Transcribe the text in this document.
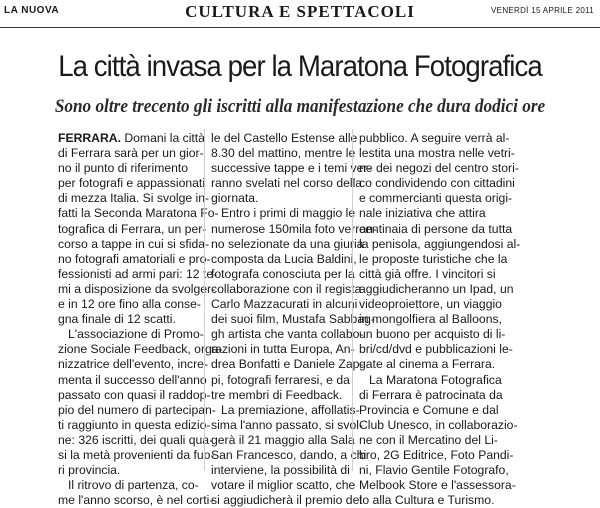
LA NUOVA	CULTURA E SPETTACOLI	VENERDÌ 15 APRILE 2011
La città invasa per la Maratona Fotografica
Sono oltre trecento gli iscritti alla manifestazione che dura dodici ore
FERRARA. Domani la città
di Ferrara sarà per un gior-
no il punto di riferimento
per fotografi e appassionati
di mezza Italia. Si svolge in-
fatti la Seconda Maratona Fo-
tografica di Ferrara, un per-
corso a tappe in cui si sfida-
no fotografi amatoriali e pro-
fessionisti ad armi pari: 12 te-
mi a disposizione da svolger-
e in 12 ore fino alla conse-
gna finale di 12 scatti.
L'associazione di Promo-
zione Sociale Feedback, orga-
nizzatrice dell'evento, incre-
menta il successo dell'anno
passato con quasi il raddop-
pio del numero di partecipan-
ti raggiunto in questa edizio-
ne: 326 iscritti, dei quali qua-
si la metà provenienti da fuo-
ri provincia.
Il ritrovo di partenza, co-
me l'anno scorso, è nel corti-
le del Castello Estense alle
8.30 del mattino, mentre le
successive tappe e i temi ver-
ranno svelati nel corso della
giornata.
Entro i primi di maggio le
numerose 150mila foto verran-
no selezionate da una giuria
composta da Lucia Baldini,
fotografa conosciuta per la
collaborazione con il regista
Carlo Mazzacurati in alcuni
dei suoi film, Mustafa Sabbag-
gh artista che vanta collabo-
razioni in tutta Europa, An-
drea Bonfatti e Daniele Zap-
pi, fotografi ferraresi, e da
tre membri di Feedback.
La premiazione, affollatis-
sima l'anno passato, si svol-
gerà il 21 maggio alla Sala
San Francesco, dando, a chi
interviene, la possibilità di
votare il miglior scatto, che
si aggiudicherà il premio del
pubblico. A seguire verrà al-
lestita una mostra nelle vetri-
ne dei negozi del centro stori-
co condividendo con cittadini
e commercianti questa origi-
nale iniziativa che attira
centinaia di persone da tutta
la penisola, aggiungendosi al-
le proposte turistiche che la
città già offre. I vincitori si
aggiudicheranno un Ipad, un
videoproiettore, un viaggio
in mongolfiera al Balloons,
un buono per acquisto di li-
bri/cd/dvd e pubblicazioni le-
gate al cinema a Ferrara.
La Maratona Fotografica
di Ferrara è patrocinata da
Provincia e Comune e dal
Club Unesco, in collaborazio-
ne con il Mercatino del Li-
bro, 2G Editrice, Foto Pandi-
ni, Flavio Gentile Fotografo,
Melbook Store e l'assessora-
to alla Cultura e Turismo.
